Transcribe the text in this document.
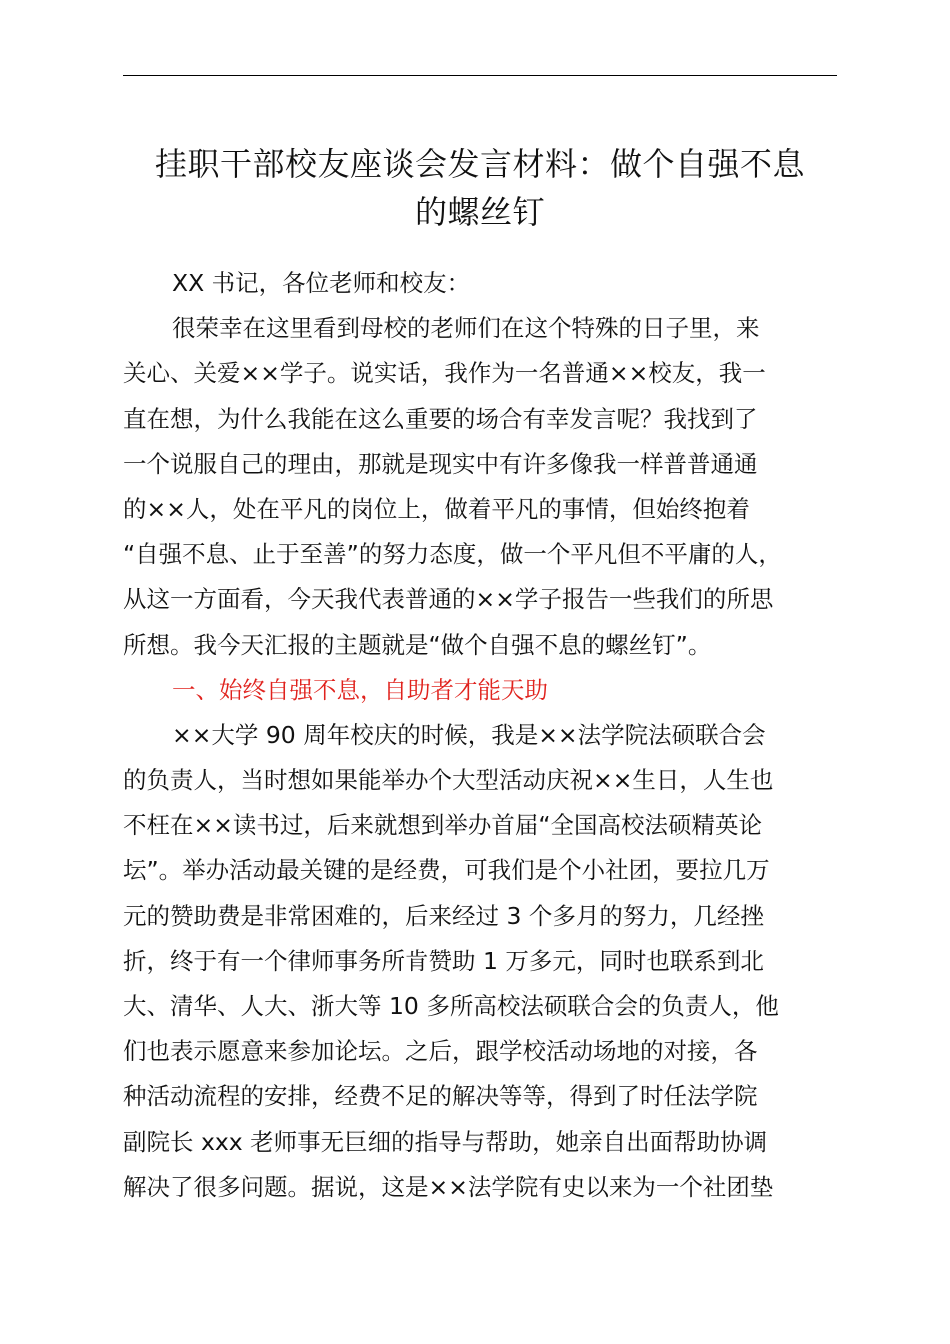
挂职干部校友座谈会发言材料：做个自强不息
的螺丝钉
XX 书记，各位老师和校友：
很荣幸在这里看到母校的老师们在这个特殊的日子里，来
关心、关爱××学子。说实话，我作为一名普通××校友，我一
直在想，为什么我能在这么重要的场合有幸发言呢？我找到了
一个说服自己的理由，那就是现实中有许多像我一样普普通通
的××人，处在平凡的岗位上，做着平凡的事情，但始终抱着
“自强不息、止于至善”的努力态度，做一个平凡但不平庸的人，
从这一方面看，今天我代表普通的××学子报告一些我们的所思
所想。我今天汇报的主题就是“做个自强不息的螺丝钉”。
一、始终自强不息，自助者才能天助
××大学 90 周年校庆的时候，我是××法学院法硕联合会
的负责人，当时想如果能举办个大型活动庆祝××生日，人生也
不枉在××读书过，后来就想到举办首届“全国高校法硕精英论
坛”。举办活动最关键的是经费，可我们是个小社团，要拉几万
元的赞助费是非常困难的，后来经过 3 个多月的努力，几经挫
折，终于有一个律师事务所肯赞助 1 万多元，同时也联系到北
大、清华、人大、浙大等 10 多所高校法硕联合会的负责人，他
们也表示愿意来参加论坛。之后，跟学校活动场地的对接，各
种活动流程的安排，经费不足的解决等等，得到了时任法学院
副院长 xxx 老师事无巨细的指导与帮助，她亲自出面帮助协调
解决了很多问题。据说，这是××法学院有史以来为一个社团垫
